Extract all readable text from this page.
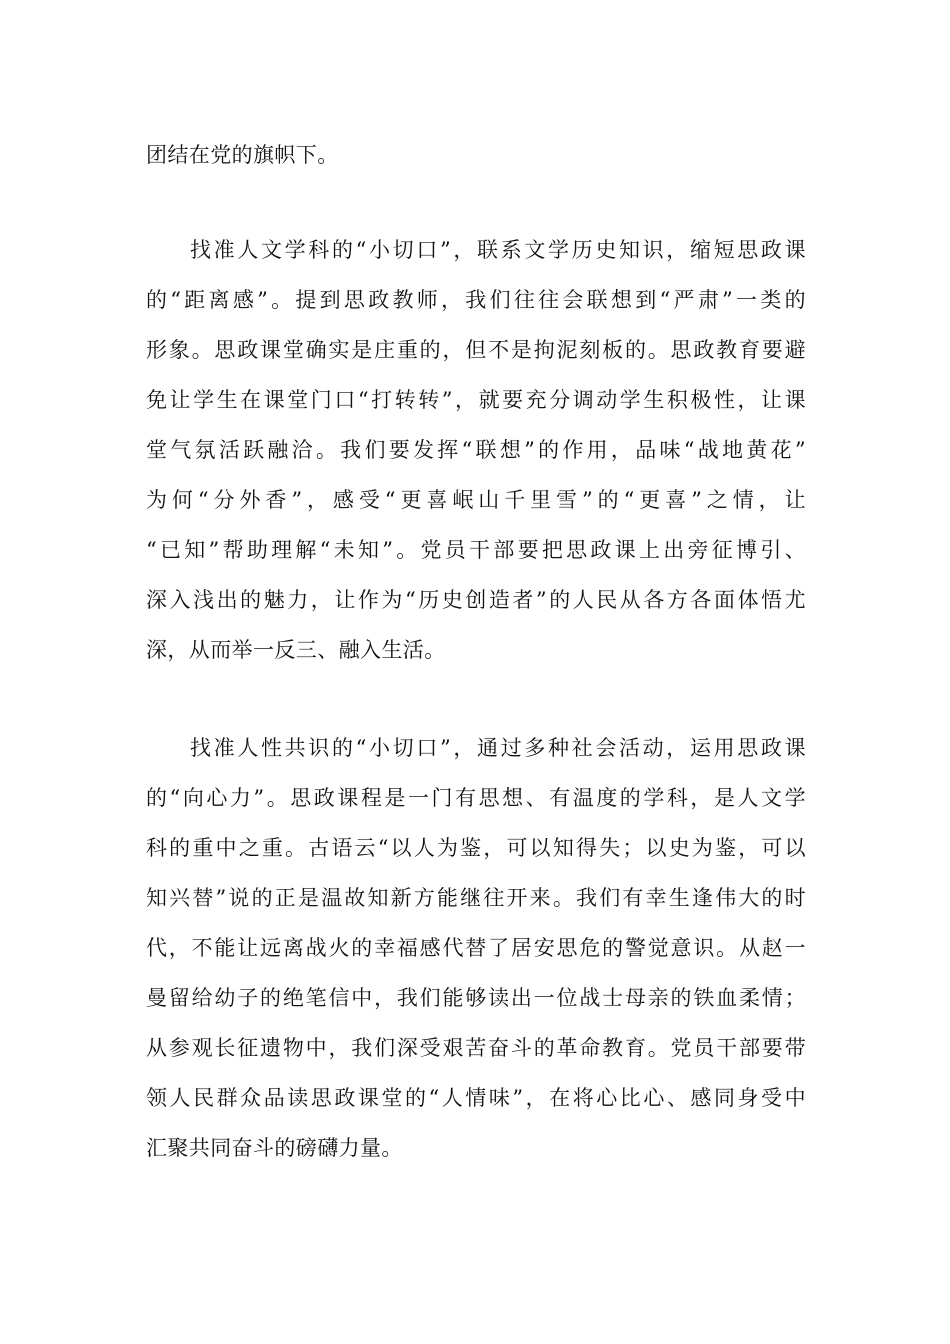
团结在党的旗帜下。
找准人文学科的“小切口”，联系文学历史知识，缩短思政课
的“距离感”。提到思政教师，我们往往会联想到“严肃”一类的
形象。思政课堂确实是庄重的，但不是拘泥刻板的。思政教育要避
免让学生在课堂门口“打转转”，就要充分调动学生积极性，让课
堂气氛活跃融洽。我们要发挥“联想”的作用，品味“战地黄花”
为何“分外香”，感受“更喜岷山千里雪”的“更喜”之情，让
“已知”帮助理解“未知”。党员干部要把思政课上出旁征博引、
深入浅出的魅力，让作为“历史创造者”的人民从各方各面体悟尤
深，从而举一反三、融入生活。
找准人性共识的“小切口”，通过多种社会活动，运用思政课
的“向心力”。思政课程是一门有思想、有温度的学科，是人文学
科的重中之重。古语云“以人为鉴，可以知得失；以史为鉴，可以
知兴替”说的正是温故知新方能继往开来。我们有幸生逢伟大的时
代，不能让远离战火的幸福感代替了居安思危的警觉意识。从赵一
曼留给幼子的绝笔信中，我们能够读出一位战士母亲的铁血柔情；
从参观长征遗物中，我们深受艰苦奋斗的革命教育。党员干部要带
领人民群众品读思政课堂的“人情味”，在将心比心、感同身受中
汇聚共同奋斗的磅礴力量。
